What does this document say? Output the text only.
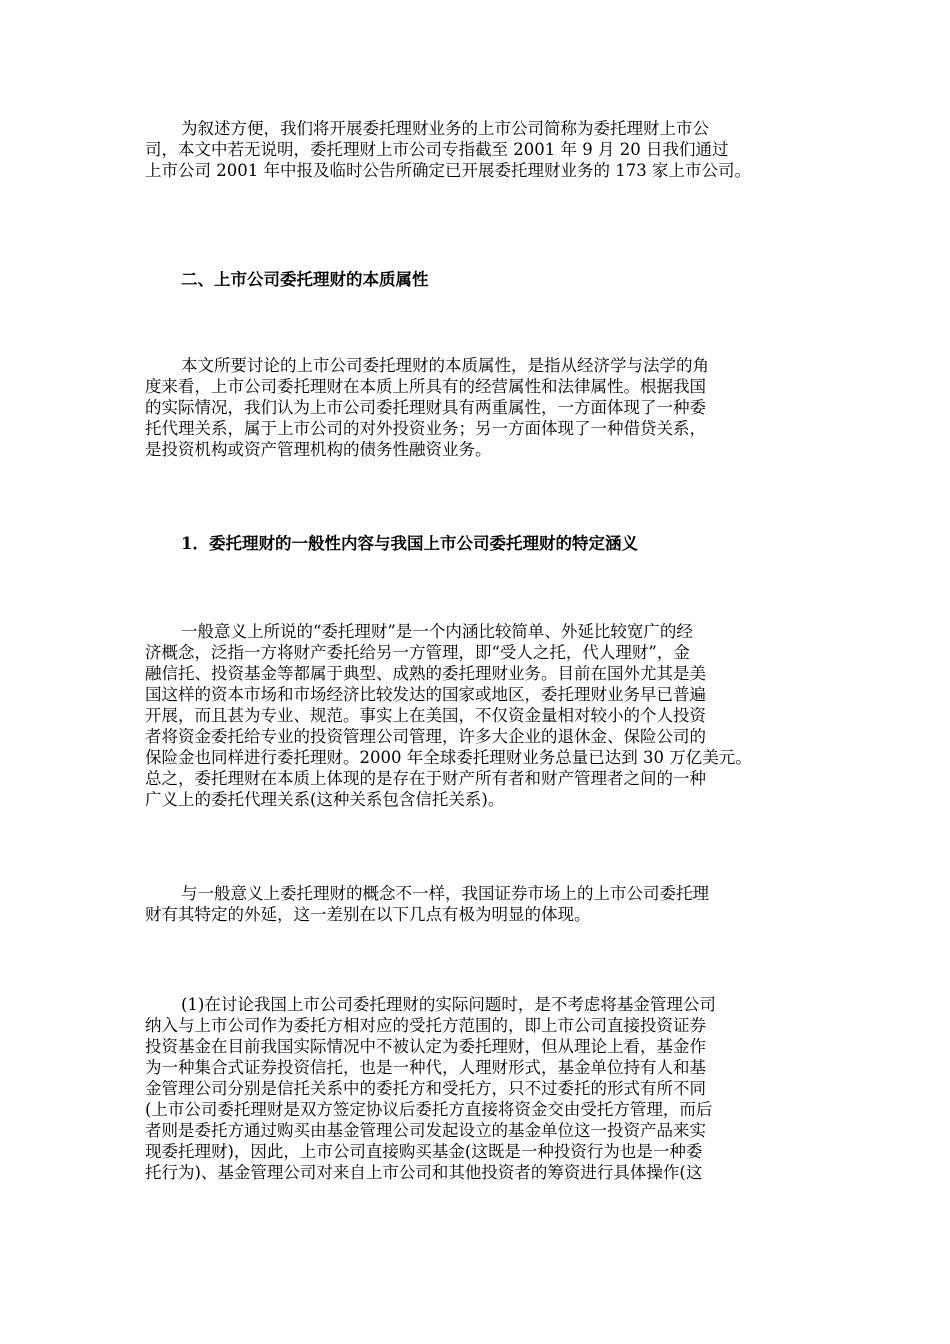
为叙述方便，我们将开展委托理财业务的上市公司简称为委托理财上市公
司，本文中若无说明，委托理财上市公司专指截至 2001 年 9 月 20 日我们通过
上市公司 2001 年中报及临时公告所确定已开展委托理财业务的 173 家上市公司。
二、上市公司委托理财的本质属性
本文所要讨论的上市公司委托理财的本质属性，是指从经济学与法学的角
度来看，上市公司委托理财在本质上所具有的经营属性和法律属性。根据我国
的实际情况，我们认为上市公司委托理财具有两重属性，一方面体现了一种委
托代理关系，属于上市公司的对外投资业务；另一方面体现了一种借贷关系，
是投资机构或资产管理机构的债务性融资业务。
1．委托理财的一般性内容与我国上市公司委托理财的特定涵义
一般意义上所说的“委托理财”是一个内涵比较简单、外延比较宽广的经
济概念，泛指一方将财产委托给另一方管理，即“受人之托，代人理财”，金
融信托、投资基金等都属于典型、成熟的委托理财业务。目前在国外尤其是美
国这样的资本市场和市场经济比较发达的国家或地区，委托理财业务早已普遍
开展，而且甚为专业、规范。事实上在美国，不仅资金量相对较小的个人投资
者将资金委托给专业的投资管理公司管理，许多大企业的退休金、保险公司的
保险金也同样进行委托理财。2000 年全球委托理财业务总量已达到 30 万亿美元。
总之，委托理财在本质上体现的是存在于财产所有者和财产管理者之间的一种
广义上的委托代理关系(这种关系包含信托关系)。
与一般意义上委托理财的概念不一样，我国证券市场上的上市公司委托理
财有其特定的外延，这一差别在以下几点有极为明显的体现。
(1)在讨论我国上市公司委托理财的实际问题时，是不考虑将基金管理公司
纳入与上市公司作为委托方相对应的受托方范围的，即上市公司直接投资证券
投资基金在目前我国实际情况中不被认定为委托理财，但从理论上看，基金作
为一种集合式证券投资信托，也是一种代，人理财形式，基金单位持有人和基
金管理公司分别是信托关系中的委托方和受托方，只不过委托的形式有所不同
(上市公司委托理财是双方签定协议后委托方直接将资金交由受托方管理，而后
者则是委托方通过购买由基金管理公司发起设立的基金单位这一投资产品来实
现委托理财)，因此，上市公司直接购买基金(这既是一种投资行为也是一种委
托行为)、基金管理公司对来自上市公司和其他投资者的筹资进行具体操作(这
